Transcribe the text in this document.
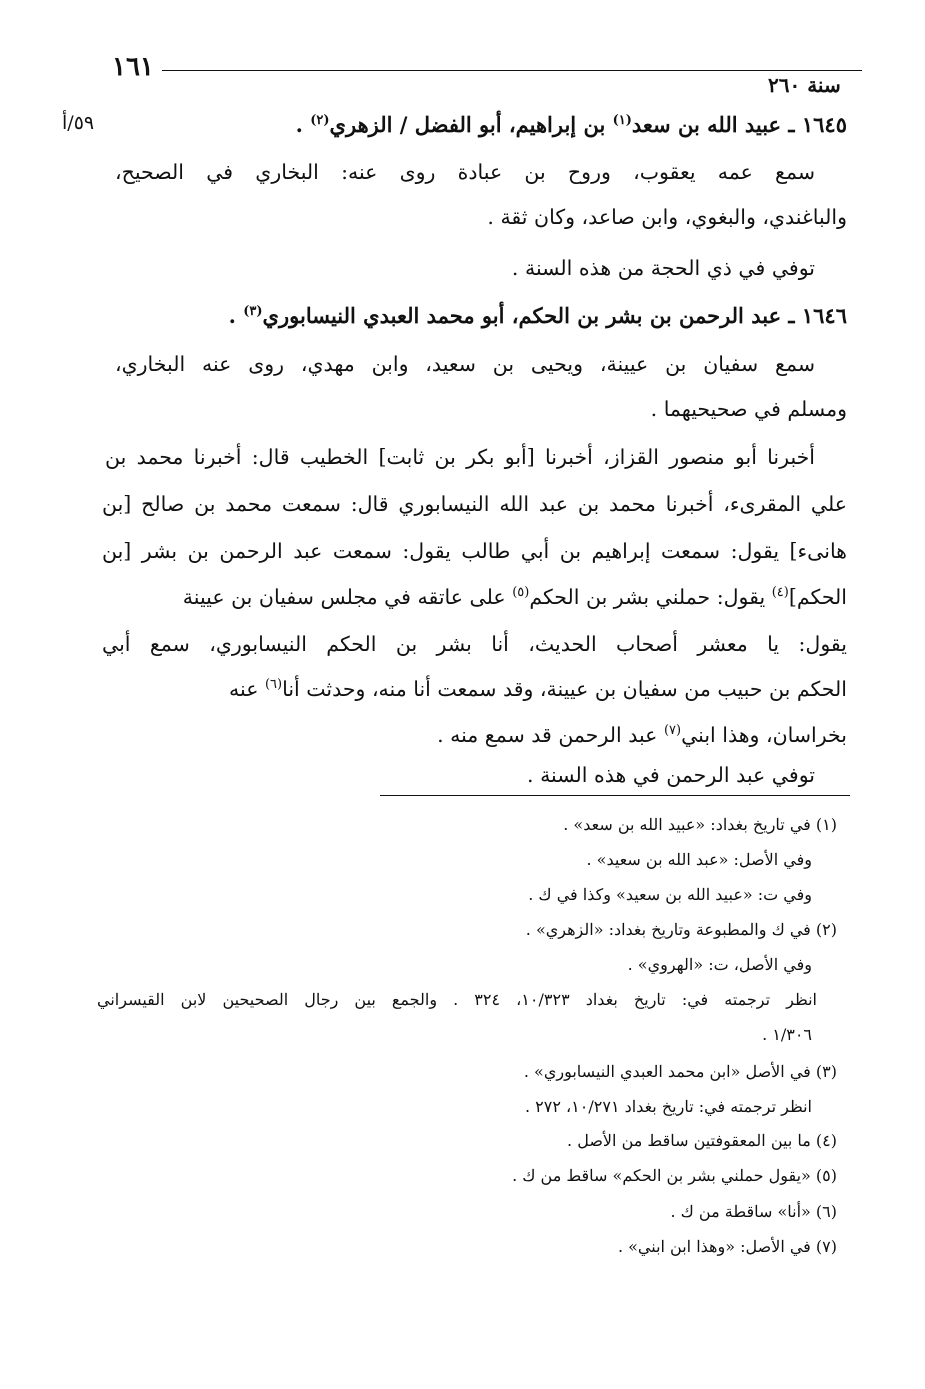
١٦١
سنة ٢٦٠
٥٩/أ	١٦٤٥ ـ عبيد الله بن سعد$^{(١)}$ بن إبراهيم، أبو الفضل / الزهري$^{(٢)}$ .
سمع عمه يعقوب، وروح بن عبادة روى عنه: البخاري في الصحيح،
والباغندي، والبغوي، وابن صاعد، وكان ثقة .
توفي في ذي الحجة من هذه السنة .
١٦٤٦ ـ عبد الرحمن بن بشر بن الحكم، أبو محمد العبدي النيسابوري$^{(٣)}$ .
سمع سفيان بن عيينة، ويحيى بن سعيد، وابن مهدي، روى عنه البخاري،
ومسلم في صحيحيهما .
أخبرنا أبو منصور القزاز، أخبرنا [أبو بكر بن ثابت] الخطيب قال: أخبرنا محمد بن
علي المقرىء، أخبرنا محمد بن عبد الله النيسابوري قال: سمعت محمد بن صالح [بن
هانىء] يقول: سمعت إبراهيم بن أبي طالب يقول: سمعت عبد الرحمن بن بشر [بن
الحكم]$^{(٤)}$ يقول: حملني بشر بن الحكم$^{(٥)}$ على عاتقه في مجلس سفيان بن عيينة
يقول: يا معشر أصحاب الحديث، أنا بشر بن الحكم النيسابوري، سمع أبي
الحكم بن حبيب من سفيان بن عيينة، وقد سمعت أنا منه، وحدثت أنا$^{(٦)}$ عنه
بخراسان، وهذا ابني$^{(٧)}$ عبد الرحمن قد سمع منه .
توفي عبد الرحمن في هذه السنة .
(١) في تاريخ بغداد: «عبيد الله بن سعد» .
وفي الأصل: «عبد الله بن سعيد» .
وفي ت: «عبيد الله بن سعيد» وكذا في ك .
(٢) في ك والمطبوعة وتاريخ بغداد: «الزهري» .
وفي الأصل، ت: «الهروي» .
انظر ترجمته في: تاريخ بغداد ١٠/٣٢٣، ٣٢٤ . والجمع بين رجال الصحيحين لابن القيسراني
١/٣٠٦ .
(٣) في الأصل «ابن محمد العبدي النيسابوري» .
انظر ترجمته في: تاريخ بغداد ١٠/٢٧١، ٢٧٢ .
(٤) ما بين المعقوفتين ساقط من الأصل .
(٥) «يقول حملني بشر بن الحكم» ساقط من ك .
(٦) «أنا» ساقطة من ك .
(٧) في الأصل: «وهذا ابن ابني» .
